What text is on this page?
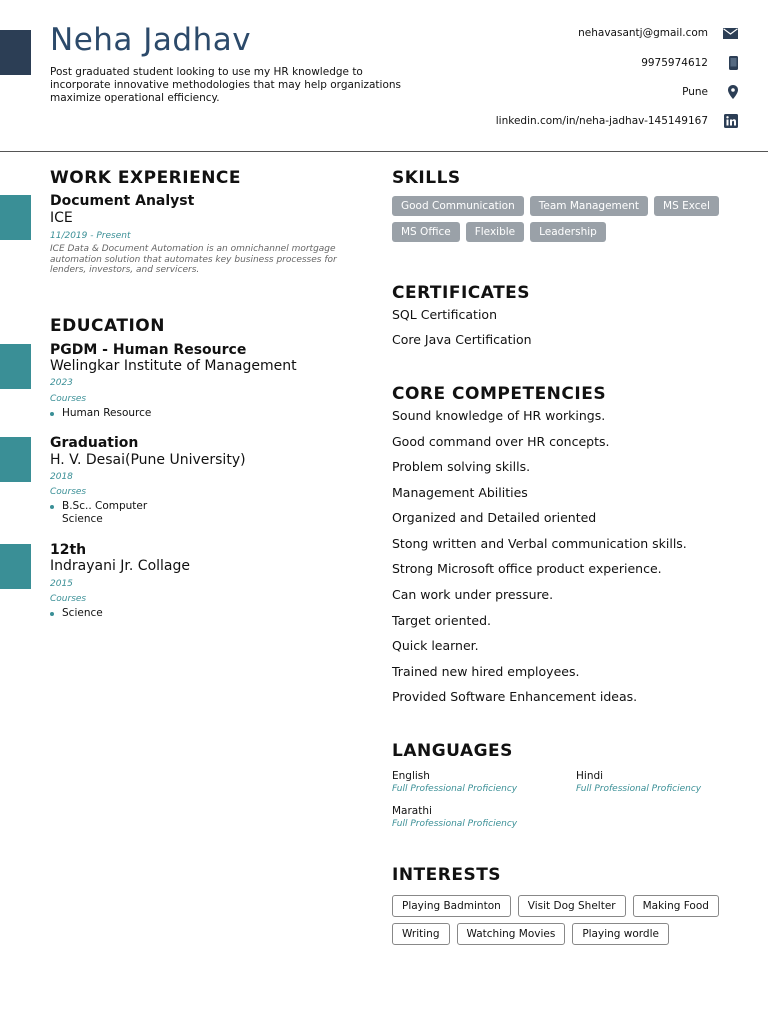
Neha Jadhav
Post graduated student looking to use my HR knowledge to incorporate innovative methodologies that may help organizations maximize operational efficiency.
nehavasantj@gmail.com
9975974612
Pune
linkedin.com/in/neha-jadhav-145149167
WORK EXPERIENCE
Document Analyst
ICE
11/2019 - Present
ICE Data & Document Automation is an omnichannel mortgage automation solution that automates key business processes for lenders, investors, and servicers.
EDUCATION
PGDM - Human Resource
Welingkar Institute of Management
2023
Courses
Human Resource
Graduation
H. V. Desai(Pune University)
2018
Courses
B.Sc.. Computer Science
12th
Indrayani Jr. Collage
2015
Courses
Science
SKILLS
Good Communication	Team Management	MS Excel
MS Office	Flexible	Leadership
CERTIFICATES
SQL Certification
Core Java Certification
CORE COMPETENCIES
Sound knowledge of HR workings.
Good command over HR concepts.
Problem solving skills.
Management Abilities
Organized and Detailed oriented
Stong written and Verbal communication skills.
Strong Microsoft office product experience.
Can work under pressure.
Target oriented.
Quick learner.
Trained new hired employees.
Provided Software Enhancement ideas.
LANGUAGES
English
Full Professional Proficiency
Hindi
Full Professional Proficiency
Marathi
Full Professional Proficiency
INTERESTS
Playing Badminton	Visit Dog Shelter	Making Food
Writing	Watching Movies	Playing wordle
